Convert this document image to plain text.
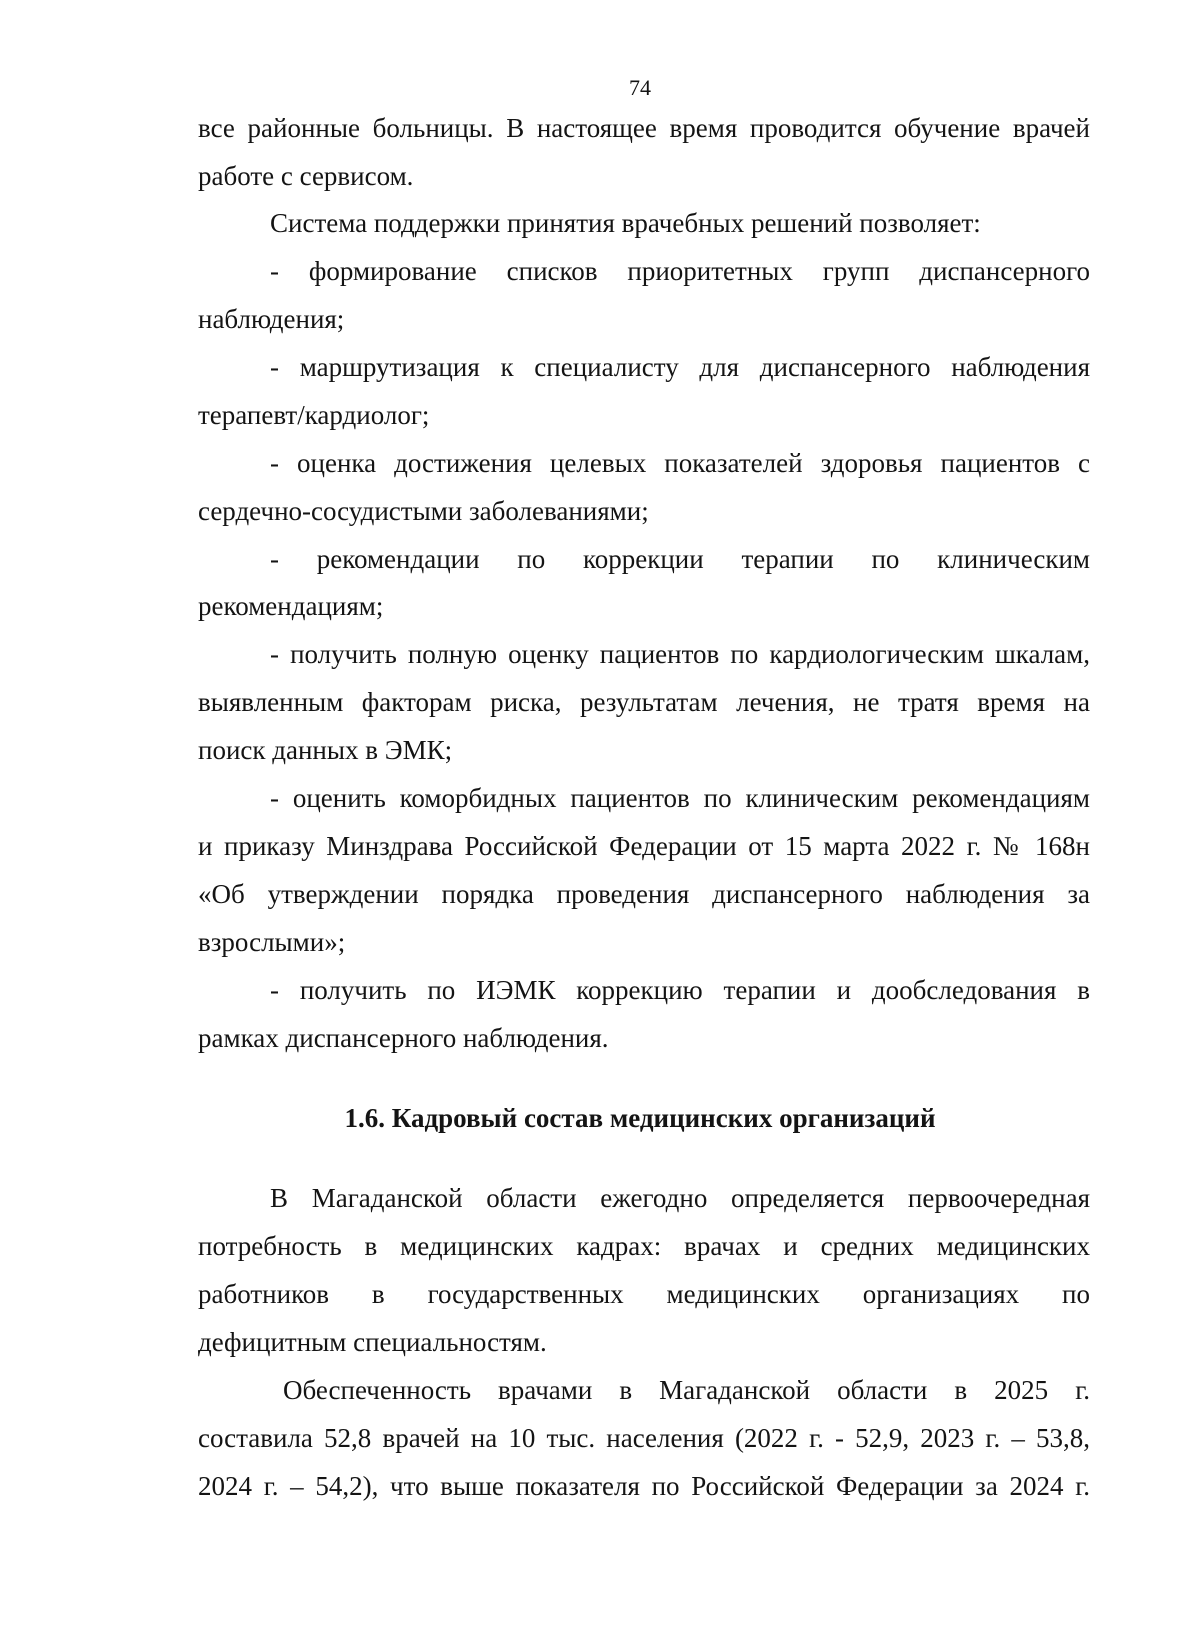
74
все районные больницы. В настоящее время проводится обучение врачей
работе с сервисом.
Система поддержки принятия врачебных решений позволяет:
- формирование списков приоритетных групп диспансерного
наблюдения;
- маршрутизация к специалисту для диспансерного наблюдения
терапевт/кардиолог;
- оценка достижения целевых показателей здоровья пациентов с
сердечно-сосудистыми заболеваниями;
- рекомендации по коррекции терапии по клиническим
рекомендациям;
- получить полную оценку пациентов по кардиологическим шкалам,
выявленным факторам риска, результатам лечения, не тратя время на
поиск данных в ЭМК;
- оценить коморбидных пациентов по клиническим рекомендациям
и приказу Минздрава Российской Федерации от 15 марта 2022 г. № 168н
«Об утверждении порядка проведения диспансерного наблюдения за
взрослыми»;
- получить по ИЭМК коррекцию терапии и дообследования в
рамках диспансерного наблюдения.
1.6. Кадровый состав медицинских организаций
В Магаданской области ежегодно определяется первоочередная
потребность в медицинских кадрах: врачах и средних медицинских
работников в государственных медицинских организациях по
дефицитным специальностям.
Обеспеченность врачами в Магаданской области в 2025 г.
составила 52,8 врачей на 10 тыс. населения (2022 г. - 52,9, 2023 г. – 53,8,
2024 г. – 54,2), что выше показателя по Российской Федерации за 2024 г.
